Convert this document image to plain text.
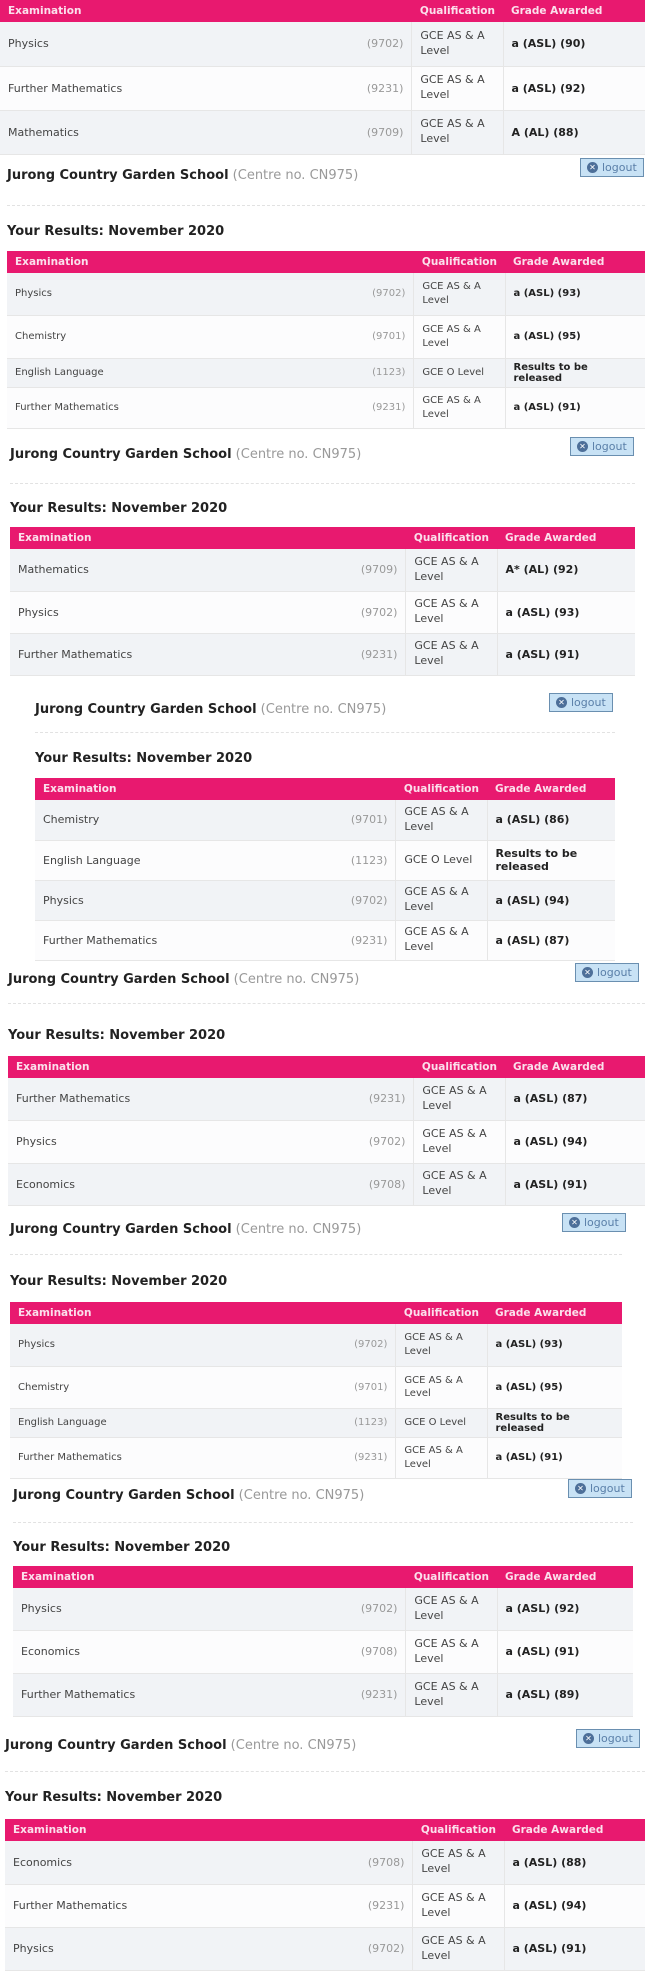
Examination		Qualification	Grade Awarded
Physics	(9702)	GCE AS & A Level	a (ASL) (90)
Further Mathematics	(9231)	GCE AS & A Level	a (ASL) (92)
Mathematics	(9709)	GCE AS & A Level	A (AL) (88)
Jurong Country Garden School (Centre no. CN975)
✕ logout
Your Results: November 2020
Examination		Qualification	Grade Awarded
Physics	(9702)	GCE AS & A Level	a (ASL) (93)
Chemistry	(9701)	GCE AS & A Level	a (ASL) (95)
English Language	(1123)	GCE O Level	Results to be released
Further Mathematics	(9231)	GCE AS & A Level	a (ASL) (91)
Jurong Country Garden School (Centre no. CN975)
✕ logout
Your Results: November 2020
Examination		Qualification	Grade Awarded
Mathematics	(9709)	GCE AS & A Level	A* (AL) (92)
Physics	(9702)	GCE AS & A Level	a (ASL) (93)
Further Mathematics	(9231)	GCE AS & A Level	a (ASL) (91)
Jurong Country Garden School (Centre no. CN975)	✕ logout
Your Results: November 2020
Examination		Qualification	Grade Awarded
Chemistry	(9701)	GCE AS & A Level	a (ASL) (86)
English Language	(1123)	GCE O Level	Results to be released
Physics	(9702)	GCE AS & A Level	a (ASL) (94)
Further Mathematics	(9231)	GCE AS & A Level	a (ASL) (87)
Jurong Country Garden School (Centre no. CN975)	✕ logout
Your Results: November 2020
Examination		Qualification	Grade Awarded
Further Mathematics	(9231)	GCE AS & A Level	a (ASL) (87)
Physics	(9702)	GCE AS & A Level	a (ASL) (94)
Economics	(9708)	GCE AS & A Level	a (ASL) (91)
Jurong Country Garden School (Centre no. CN975)	✕ logout
Your Results: November 2020
Examination		Qualification	Grade Awarded
Physics	(9702)	GCE AS & A Level	a (ASL) (93)
Chemistry	(9701)	GCE AS & A Level	a (ASL) (95)
English Language	(1123)	GCE O Level	Results to be released
Further Mathematics	(9231)	GCE AS & A Level	a (ASL) (91)
Jurong Country Garden School (Centre no. CN975)	✕ logout
Your Results: November 2020
Examination		Qualification	Grade Awarded
Physics	(9702)	GCE AS & A Level	a (ASL) (92)
Economics	(9708)	GCE AS & A Level	a (ASL) (91)
Further Mathematics	(9231)	GCE AS & A Level	a (ASL) (89)
Jurong Country Garden School (Centre no. CN975)	✕ logout
Your Results: November 2020
Examination		Qualification	Grade Awarded
Economics	(9708)	GCE AS & A Level	a (ASL) (88)
Further Mathematics	(9231)	GCE AS & A Level	a (ASL) (94)
Physics	(9702)	GCE AS & A Level	a (ASL) (91)
